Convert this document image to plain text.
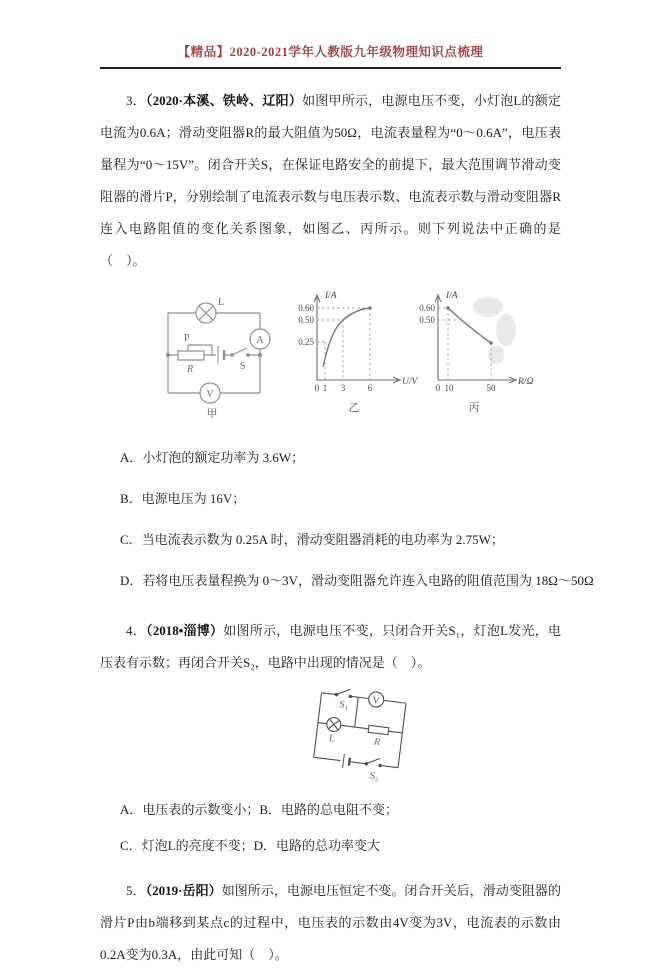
【精品】2020-2021学年人教版九年级物理知识点梳理

3．（2020·本溪、铁岭、辽阳）如图甲所示，电源电压不变，小灯泡L的额定电流为0.6A；滑动变阻器R的最大阻值为50Ω，电流表量程为“0～0.6A”，电压表量程为“0～15V”。闭合开关S，在保证电路安全的前提下，最大范围调节滑动变阻器的滑片P，分别绘制了电流表示数与电压表示数、电流表示数与滑动变阻器R连入电路阻值的变化关系图象，如图乙、丙所示。则下列说法中正确的是（　）。

L
A
P
R	S
V
甲
I/A
U/V
0.60
0.50
0.25
0 1 3	6
乙
I/A
R/Ω
0.60
0.50
0 10	50
丙
A．小灯泡的额定功率为 3.6W；
B．电源电压为 16V；
C．当电流表示数为 0.25A 时，滑动变阻器消耗的电功率为 2.75W；
D．若将电压表量程换为 0～3V，滑动变阻器允许连入电路的阻值范围为 18Ω～50Ω

4．（2018•淄博）如图所示，电源电压不变，只闭合开关S₁，灯泡L发光，电压表有示数；再闭合开关S₂，电路中出现的情况是（　）。

S₁ V
L	R
S₂
A．电压表的示数变小；B．电路的总电阻不变；
C．灯泡L的亮度不变；D．电路的总功率变大

5．（2019·岳阳）如图所示，电源电压恒定不变。闭合开关后，滑动变阻器的滑片P由b端移到某点c的过程中，电压表的示数由4V变为3V，电流表的示数由0.2A变为0.3A，由此可知（　）。
